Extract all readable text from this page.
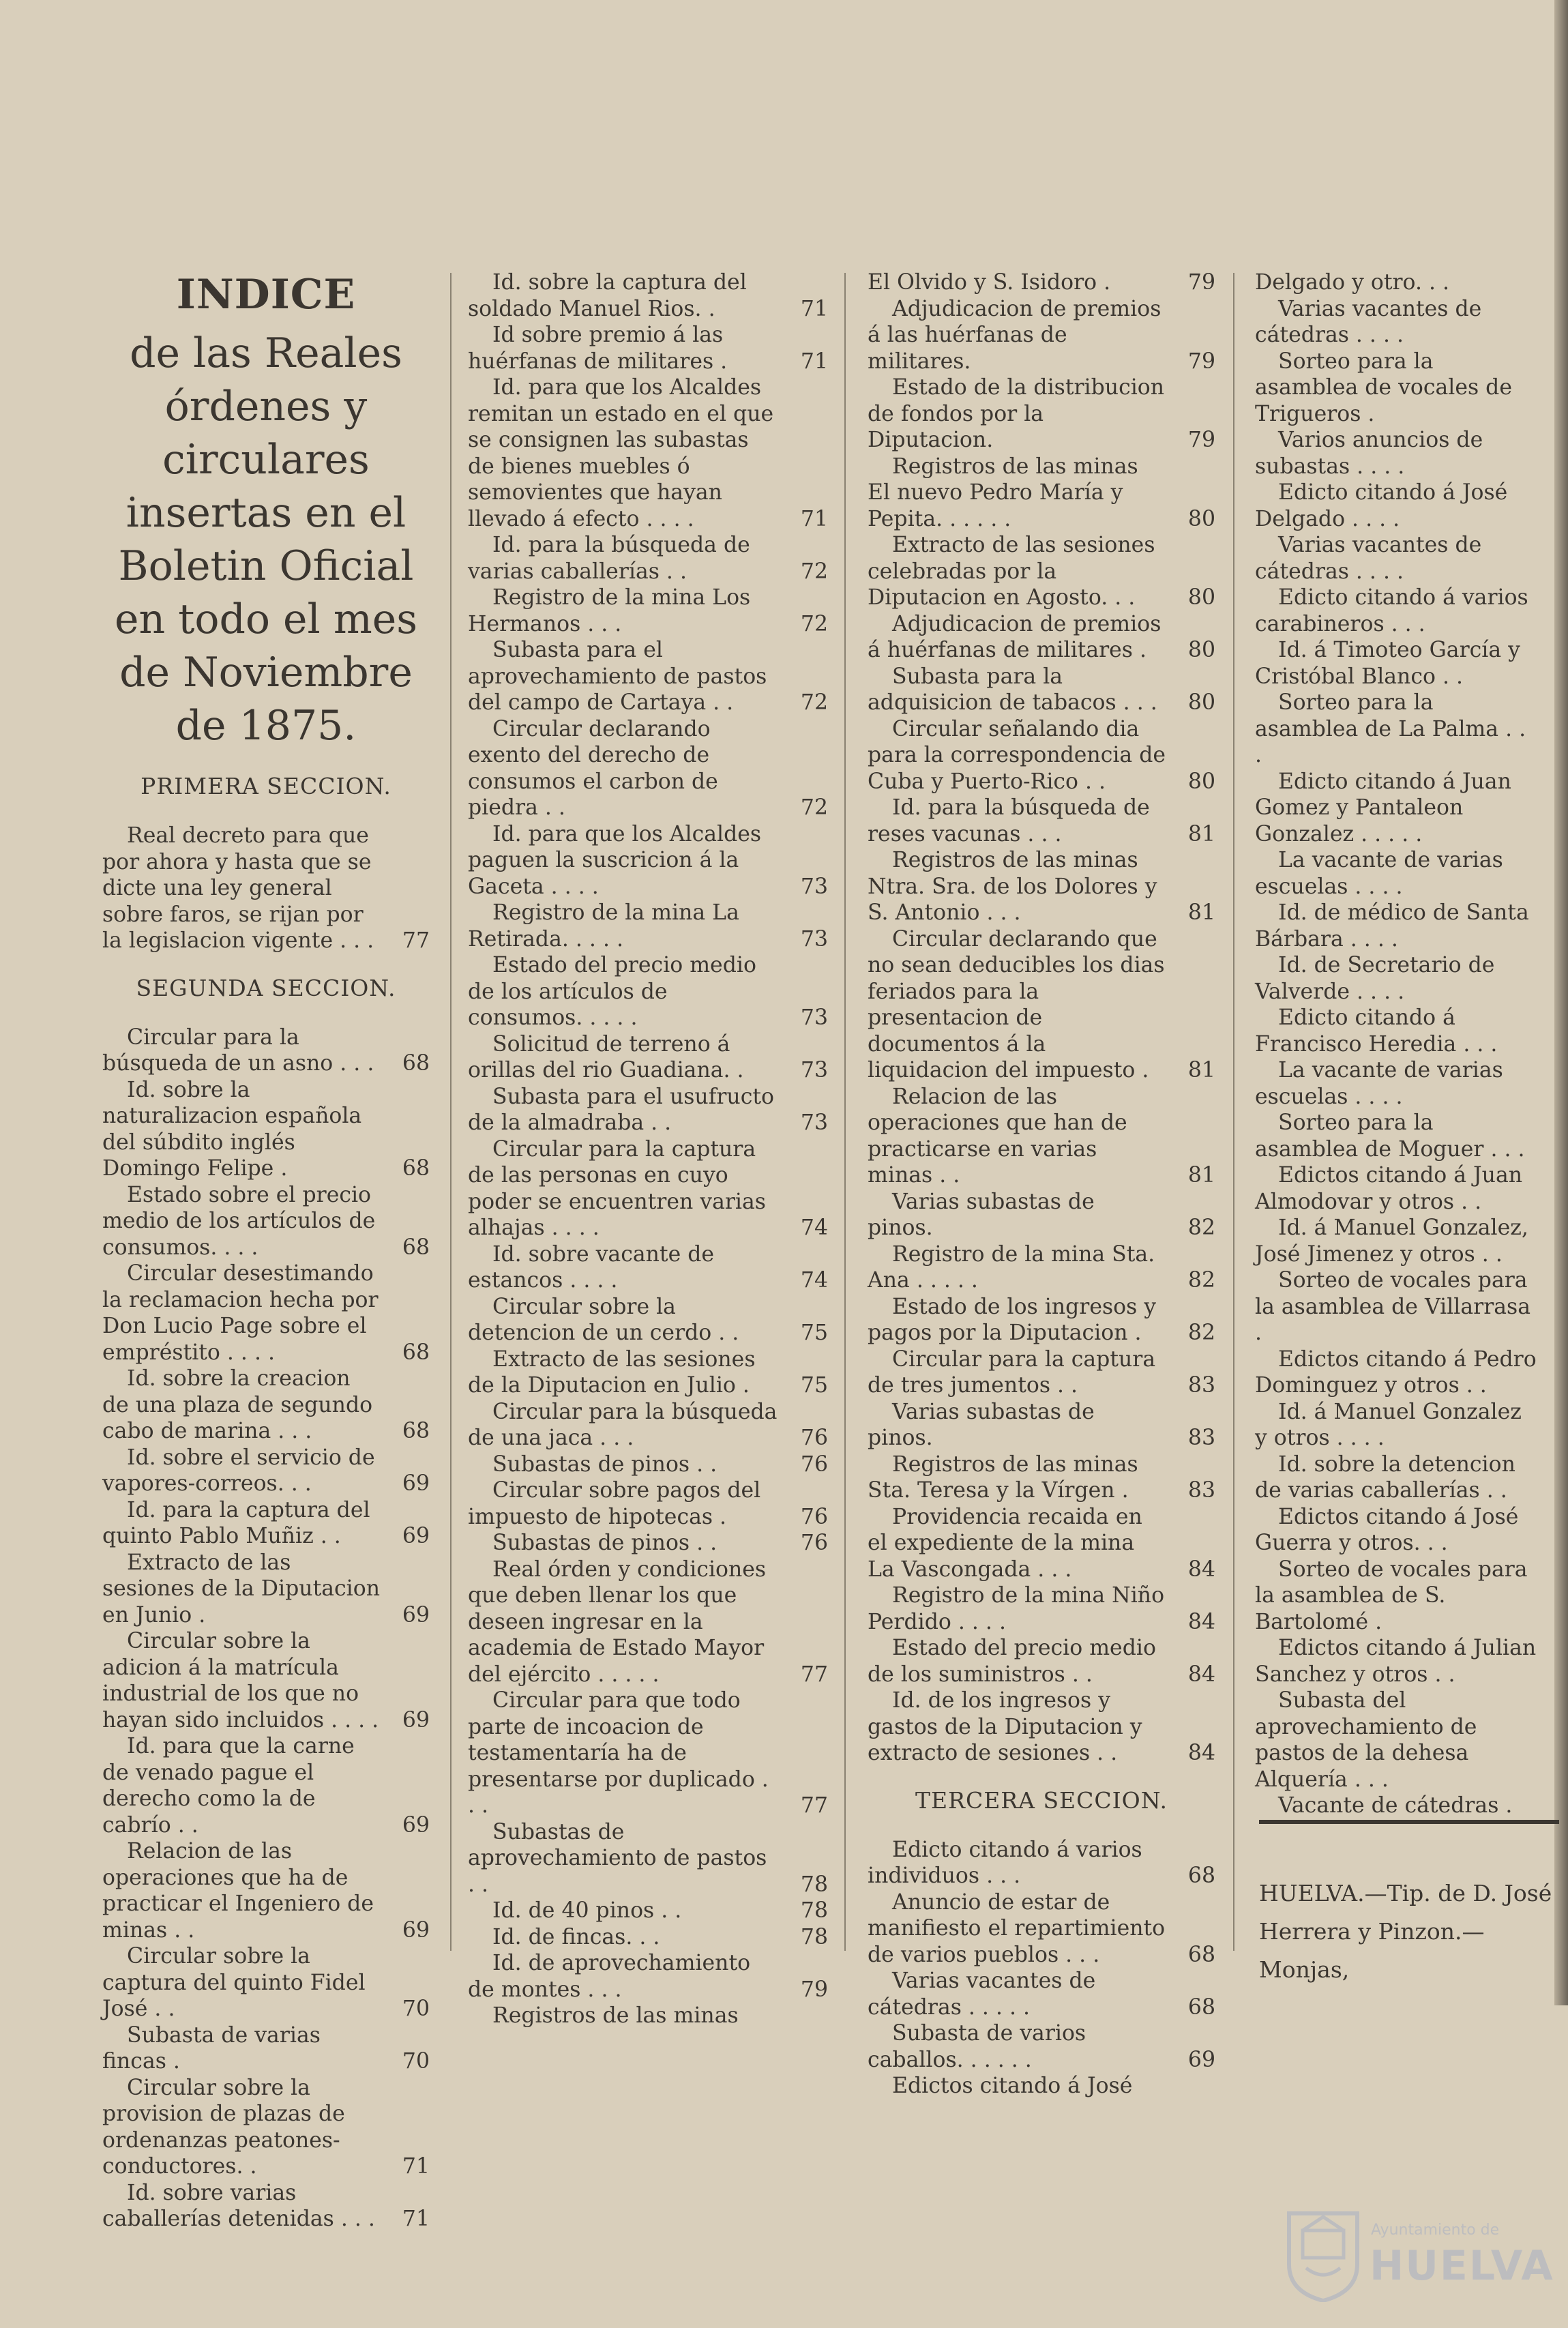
INDICE
de las Reales órdenes y circulares insertas en el Boletin Oficial en todo el mes de Noviembre de 1875.
PRIMERA SECCION.
Real decreto para que por ahora y hasta que se dicte una ley general sobre faros, se rijan por la legislacion vigente . . .	77
SEGUNDA SECCION.
Circular para la búsqueda de un asno . . .	68
Id. sobre la naturalizacion española del súbdito inglés Domingo Felipe .	68
Estado sobre el precio medio de los artículos de consumos. . . .	68
Circular desestimando la reclamacion hecha por Don Lucio Page sobre el empréstito . . . .	68
Id. sobre la creacion de una plaza de segundo cabo de marina . . .	68
Id. sobre el servicio de vapores-correos. . .	69
Id. para la captura del quinto Pablo Muñiz . .	69
Extracto de las sesiones de la Diputacion en Junio .	69
Circular sobre la adicion á la matrícula industrial de los que no hayan sido incluidos . . . .	69
Id. para que la carne de venado pague el derecho como la de cabrío . .	69
Relacion de las operaciones que ha de practicar el Ingeniero de minas . .	69
Circular sobre la captura del quinto Fidel José . .	70
Subasta de varias fincas .	70
Circular sobre la provision de plazas de ordenanzas peatones-conductores. .	71
Id. sobre varias caballerías detenidas . . .	71
Id. sobre la captura del soldado Manuel Rios. .	71
Id sobre premio á las huérfanas de militares .	71
Id. para que los Alcaldes remitan un estado en el que se consignen las subastas de bienes muebles ó semovientes que hayan llevado á efecto . . . .	71
Id. para la búsqueda de varias caballerías . .	72
Registro de la mina Los Hermanos . . .	72
Subasta para el aprovechamiento de pastos del campo de Cartaya . .	72
Circular declarando exento del derecho de consumos el carbon de piedra . .	72
Id. para que los Alcaldes paguen la suscricion á la Gaceta . . . .	73
Registro de la mina La Retirada. . . . .	73
Estado del precio medio de los artículos de consumos. . . . .	73
Solicitud de terreno á orillas del rio Guadiana. .	73
Subasta para el usufructo de la almadraba . .	73
Circular para la captura de las personas en cuyo poder se encuentren varias alhajas . . . .	74
Id. sobre vacante de estancos . . . .	74
Circular sobre la detencion de un cerdo . .	75
Extracto de las sesiones de la Diputacion en Julio .	75
Circular para la búsqueda de una jaca . . .	76
Subastas de pinos . .	76
Circular sobre pagos del impuesto de hipotecas .	76
Subastas de pinos . .	76
Real órden y condiciones que deben llenar los que deseen ingresar en la academia de Estado Mayor del ejército . . . . .	77
Circular para que todo parte de incoacion de testamentaría ha de presentarse por duplicado . . .	77
Subastas de aprovechamiento de pastos . .	78
Id. de 40 pinos . .	78
Id. de fincas. . .	78
Id. de aprovechamiento de montes . . .	79
Registros de las minas
El Olvido y S. Isidoro .	79
Adjudicacion de premios á las huérfanas de militares.	79
Estado de la distribucion de fondos por la Diputacion.	79
Registros de las minas El nuevo Pedro María y Pepita. . . . . .	80
Extracto de las sesiones celebradas por la Diputacion en Agosto. . .	80
Adjudicacion de premios á huérfanas de militares .	80
Subasta para la adquisicion de tabacos . . .	80
Circular señalando dia para la correspondencia de Cuba y Puerto-Rico . .	80
Id. para la búsqueda de reses vacunas . . .	81
Registros de las minas Ntra. Sra. de los Dolores y S. Antonio . . .	81
Circular declarando que no sean deducibles los dias feriados para la presentacion de documentos á la liquidacion del impuesto .	81
Relacion de las operaciones que han de practicarse en varias minas . .	81
Varias subastas de pinos.	82
Registro de la mina Sta. Ana . . . . .	82
Estado de los ingresos y pagos por la Diputacion .	82
Circular para la captura de tres jumentos . .	83
Varias subastas de pinos.	83
Registros de las minas Sta. Teresa y la Vírgen .	83
Providencia recaida en el expediente de la mina La Vascongada . . .	84
Registro de la mina Niño Perdido . . . .	84
Estado del precio medio de los suministros . .	84
Id. de los ingresos y gastos de la Diputacion y extracto de sesiones . .	84
TERCERA SECCION.
Edicto citando á varios individuos . . .	68
Anuncio de estar de manifiesto el repartimiento de varios pueblos . . .	68
Varias vacantes de cátedras . . . . .	68
Subasta de varios caballos. . . . . .	69
Edictos citando á José
Delgado y otro. . .
Varias vacantes de cátedras . . . .
Sorteo para la asamblea de vocales de Trigueros .
Varios anuncios de subastas . . . .
Edicto citando á José Delgado . . . .
Varias vacantes de cátedras . . . .
Edicto citando á varios carabineros . . .
Id. á Timoteo García y Cristóbal Blanco . .
Sorteo para la asamblea de La Palma . . .
Edicto citando á Juan Gomez y Pantaleon Gonzalez . . . . .
La vacante de varias escuelas . . . .
Id. de médico de Santa Bárbara . . . .
Id. de Secretario de Valverde . . . .
Edicto citando á Francisco Heredia . . .
La vacante de varias escuelas . . . .
Sorteo para la asamblea de Moguer . . .
Edictos citando á Juan Almodovar y otros . .
Id. á Manuel Gonzalez, José Jimenez y otros . .
Sorteo de vocales para la asamblea de Villarrasa .
Edictos citando á Pedro Dominguez y otros . .
Id. á Manuel Gonzalez y otros . . . .
Id. sobre la detencion de varias caballerías . .
Edictos citando á José Guerra y otros. . .
Sorteo de vocales para la asamblea de S. Bartolomé .
Edictos citando á Julian Sanchez y otros . .
Subasta del aprovechamiento de pastos de la dehesa Alquería . . .
Vacante de cátedras .
HUELVA.—Tip. de D. José
Herrera y Pinzon.—Monjas,
Ayuntamiento de
HUELVA
